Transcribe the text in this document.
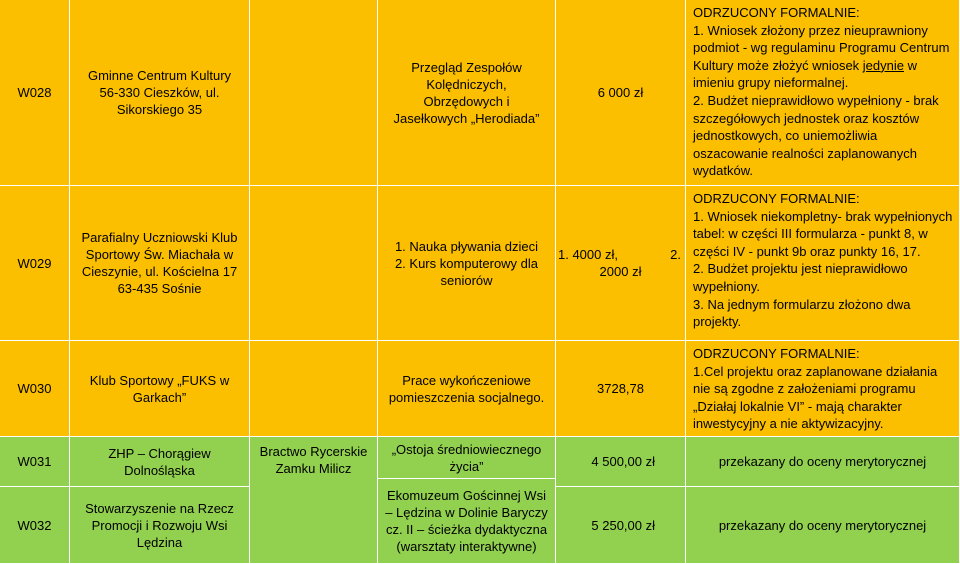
W028
Gminne Centrum Kultury 56-330 Cieszków, ul. Sikorskiego 35
Przegląd Zespołów Kolędniczych, Obrzędowych i Jasełkowych „Herodiada”
6 000 zł

ODRZUCONY FORMALNIE:

1. Wniosek złożony przez nieuprawniony podmiot - wg regulaminu Programu Centrum Kultury może złożyć wniosek jedynie w imieniu grupy nieformalnej.

2. Budżet nieprawidłowo wypełniony - brak szczegółowych jednostek oraz kosztów jednostkowych, co uniemożliwia oszacowanie realności zaplanowanych wydatków.

W029
Parafialny Uczniowski Klub Sportowy Św. Miachała w Cieszynie, ul. Kościelna 17 63-435 Sośnie
1. Nauka pływania dzieci
2. Kurs komputerowy dla seniorów
1. 4000 zł,	2.
2000 zł

ODRZUCONY FORMALNIE:

1. Wniosek niekompletny- brak wypełnionych tabel: w części III formularza - punkt 8, w części IV - punkt 9b oraz punkty 16, 17.

2. Budżet projektu jest nieprawidłowo wypełniony.

3. Na jednym formularzu złożono dwa projekty.

W030
Klub Sportowy „FUKS w Garkach”
Prace wykończeniowe pomieszczenia socjalnego.
3728,78

ODRZUCONY FORMALNIE:

1.Cel projektu oraz zaplanowane działania nie są zgodne z założeniami programu „Działaj lokalnie VI” - mają charakter inwestycyjny a nie aktywizacyjny.

W031
W032
ZHP – Chorągiew Dolnośląska
Stowarzyszenie na Rzecz Promocji i Rozwoju Wsi Lędzina
Bractwo Rycerskie Zamku Milicz
„Ostoja średniowiecznego życia”
Ekomuzeum Gościnnej Wsi – Lędzina w Dolinie Baryczy cz. II – ścieżka dydaktyczna (warsztaty interaktywne)
4 500,00 zł
5 250,00 zł
przekazany do oceny merytorycznej
przekazany do oceny merytorycznej
